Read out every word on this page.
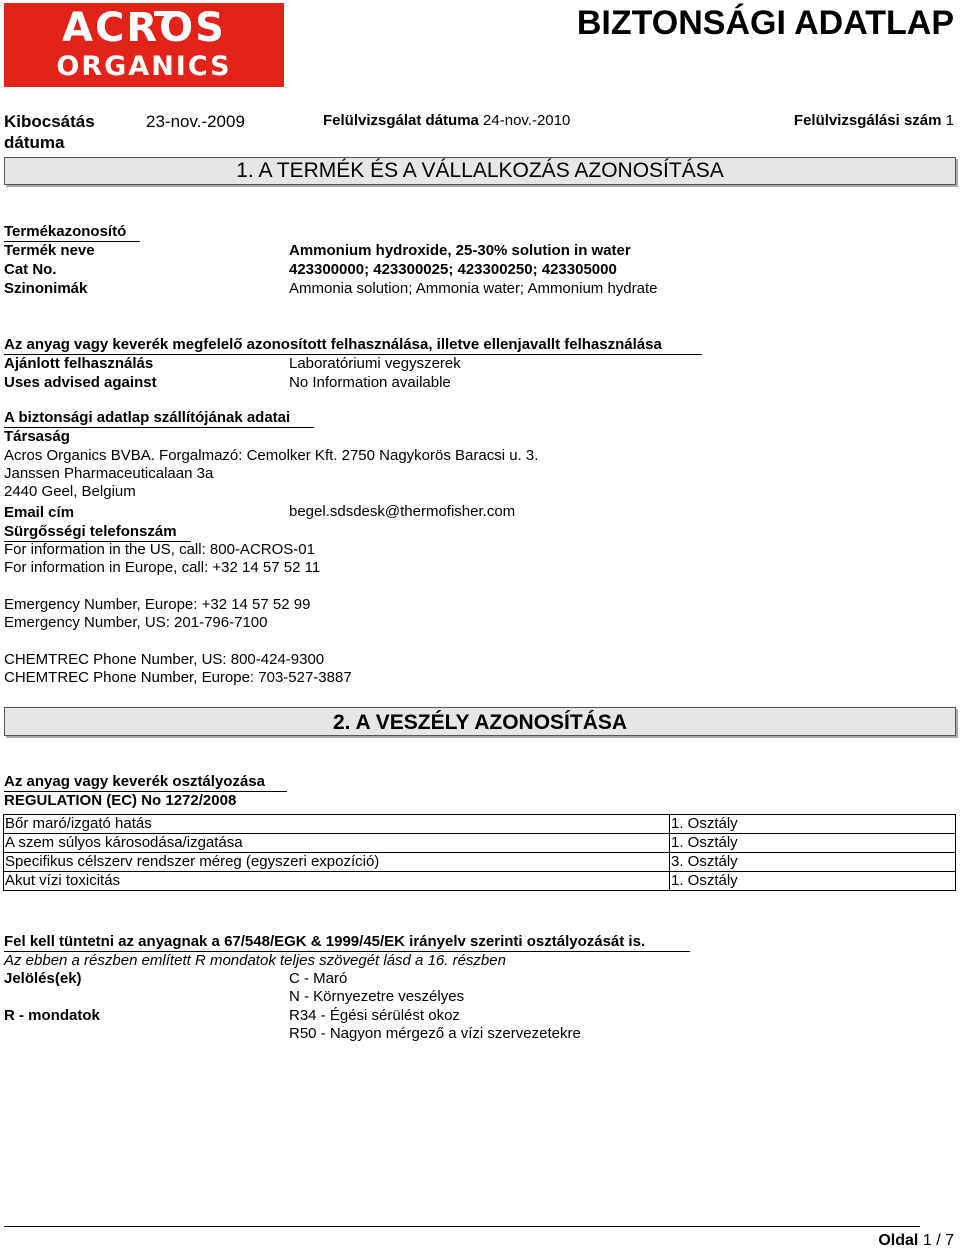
ACROS
ORGANICS
BIZTONSÁGI ADATLAP
Kibocsátás
dátuma
23-nov.-2009	Felülvizsgálat dátuma 24-nov.-2010	Felülvizsgálási szám 1
1. A TERMÉK ÉS A VÁLLALKOZÁS AZONOSÍTÁSA
Termékazonosító
Termék neve	Ammonium hydroxide, 25-30% solution in water
Cat No.	423300000; 423300025; 423300250; 423305000
Szinonimák	Ammonia solution; Ammonia water; Ammonium hydrate
Az anyag vagy keverék megfelelő azonosított felhasználása, illetve ellenjavallt felhasználása
Ajánlott felhasználás	Laboratóriumi vegyszerek
Uses advised against	No Information available
A biztonsági adatlap szállítójának adatai
Társaság
Acros Organics BVBA. Forgalmazó: Cemolker Kft. 2750 Nagykorös Baracsi u. 3.
Janssen Pharmaceuticalaan 3a
2440 Geel, Belgium
Email cím	begel.sdsdesk@thermofisher.com
Sürgősségi telefonszám
For information in the US, call: 800-ACROS-01
For information in Europe, call: +32 14 57 52 11
Emergency Number, Europe: +32 14 57 52 99
Emergency Number, US: 201-796-7100
CHEMTREC Phone Number, US: 800-424-9300
CHEMTREC Phone Number, Europe: 703-527-3887
2. A VESZÉLY AZONOSÍTÁSA
Az anyag vagy keverék osztályozása
REGULATION (EC) No 1272/2008
Bőr maró/izgató hatás	1. Osztály
A szem súlyos károsodása/izgatása	1. Osztály
Specifikus célszerv rendszer méreg (egyszeri expozíció)	3. Osztály
Akut vízi toxicitás	1. Osztály
Fel kell tüntetni az anyagnak a 67/548/EGK & 1999/45/EK irányelv szerinti osztályozását is.
Az ebben a részben említett R mondatok teljes szövegét lásd a 16. részben
Jelölés(ek)	C - Maró
N - Környezetre veszélyes
R - mondatok	R34 - Égési sérülést okoz
R50 - Nagyon mérgező a vízi szervezetekre
Oldal 1 / 7
